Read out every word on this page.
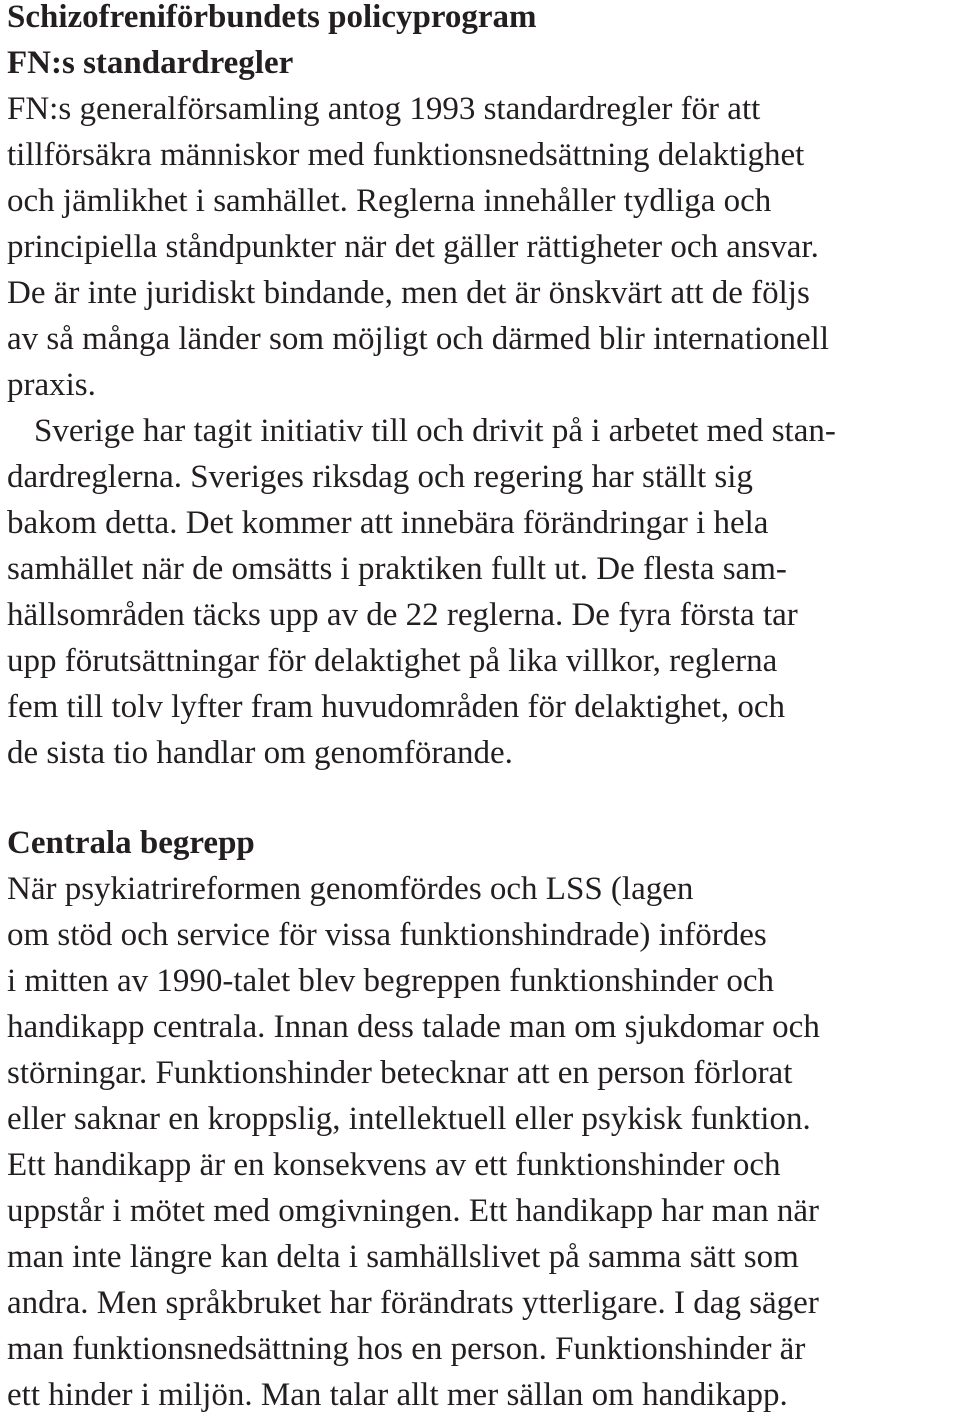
Schizofreniförbundets policyprogram
FN:s standardregler
FN:s generalförsamling antog 1993 standardregler för att
tillförsäkra människor med funktionsnedsättning delaktighet
och jämlikhet i samhället. Reglerna innehåller tydliga och
principiella ståndpunkter när det gäller rättigheter och ansvar.
De är inte juridiskt bindande, men det är önskvärt att de följs
av så många länder som möjligt och därmed blir internationell
praxis.
Sverige har tagit initiativ till och drivit på i arbetet med stan-
dardreglerna. Sveriges riksdag och regering har ställt sig
bakom detta. Det kommer att innebära förändringar i hela
samhället när de omsätts i praktiken fullt ut. De flesta sam-
hällsområden täcks upp av de 22 reglerna. De fyra första tar
upp förutsättningar för delaktighet på lika villkor, reglerna
fem till tolv lyfter fram huvudområden för delaktighet, och
de sista tio handlar om genomförande.
Centrala begrepp
När psykiatrireformen genomfördes och LSS (lagen
om stöd och service för vissa funktionshindrade) infördes
i mitten av 1990-talet blev begreppen funktionshinder och
handikapp centrala. Innan dess talade man om sjukdomar och
störningar. Funktionshinder betecknar att en person förlorat
eller saknar en kroppslig, intellektuell eller psykisk funktion.
Ett handikapp är en konsekvens av ett funktionshinder och
uppstår i mötet med omgivningen. Ett handikapp har man när
man inte längre kan delta i samhällslivet på samma sätt som
andra. Men språkbruket har förändrats ytterligare. I dag säger
man funktionsnedsättning hos en person. Funktionshinder är
ett hinder i miljön. Man talar allt mer sällan om handikapp.
